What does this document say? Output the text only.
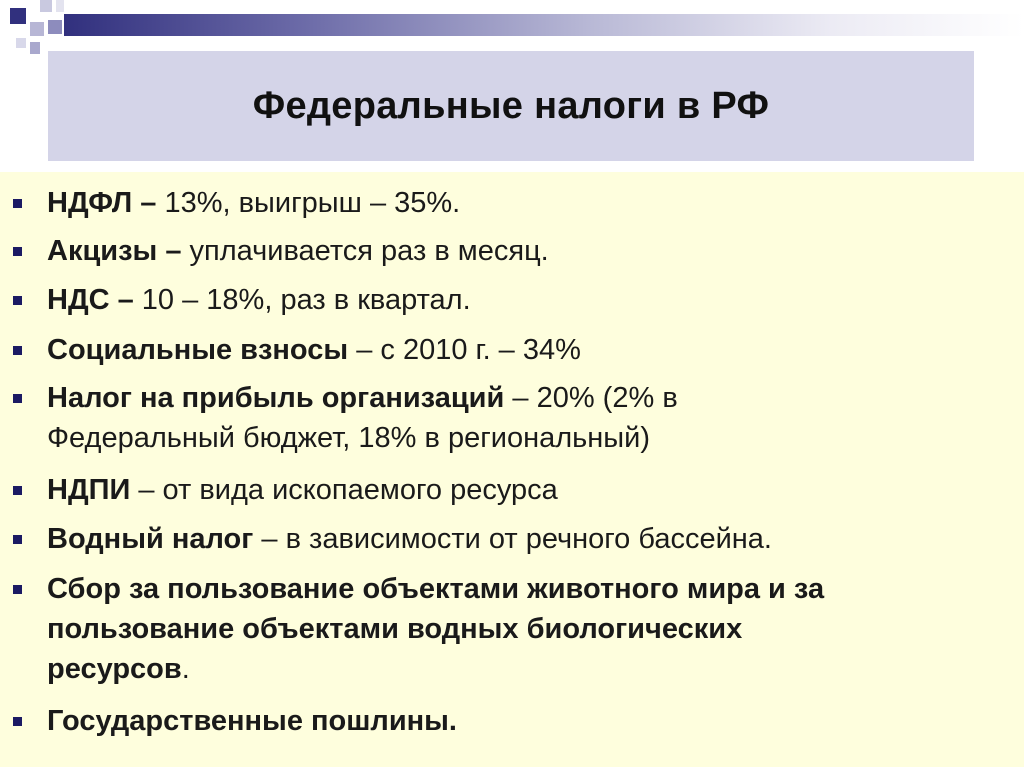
Федеральные налоги в РФ
НДФЛ – 13%, выигрыш – 35%.
Акцизы – уплачивается раз в месяц.
НДС – 10 – 18%, раз в квартал.
Социальные взносы – с 2010 г. – 34%
Налог на прибыль организаций – 20% (2% в
Федеральный бюджет, 18% в региональный)
НДПИ – от вида ископаемого ресурса
Водный налог – в зависимости от речного бассейна.
Сбор за пользование объектами животного мира и за
пользование объектами водных биологических
ресурсов.
Государственные пошлины.
